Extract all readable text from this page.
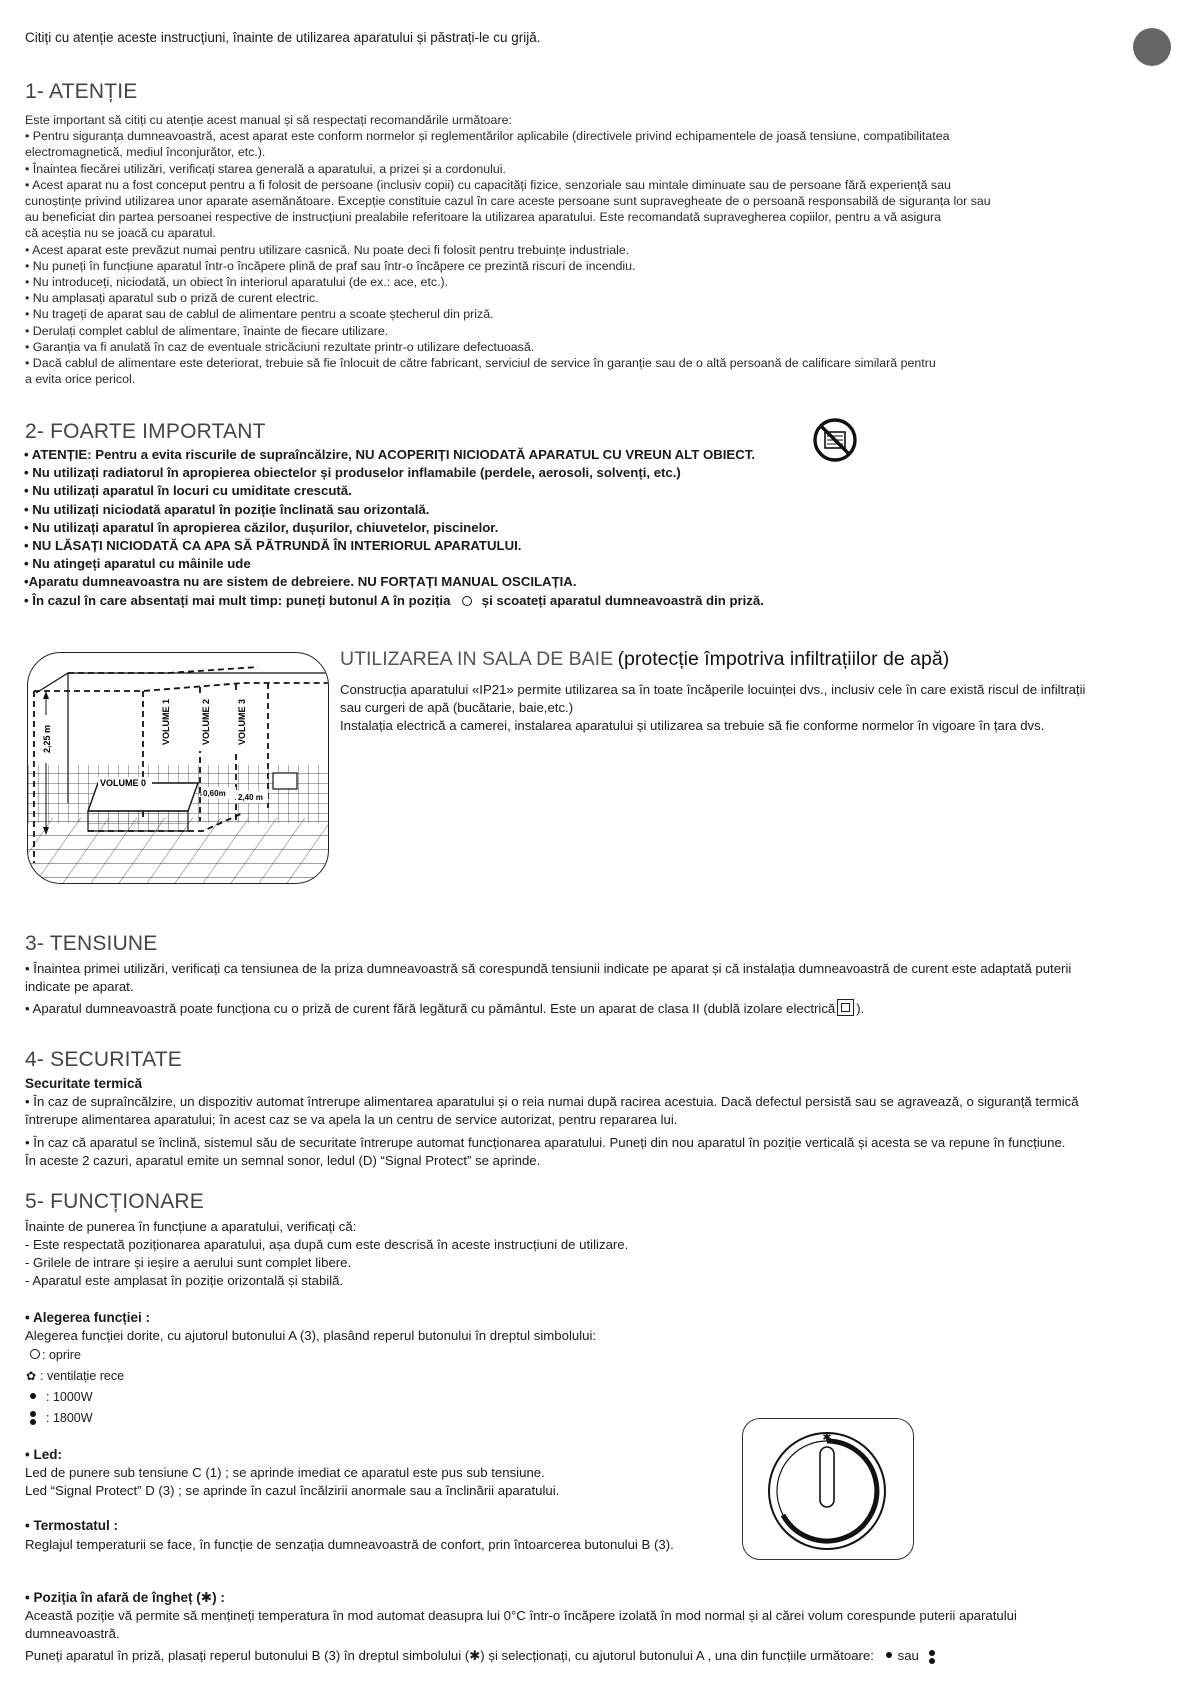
Citiți cu atenție aceste instrucțiuni, înainte de utilizarea aparatului și păstrați-le cu grijă.
1- ATENȚIE
Este important să citiți cu atenție acest manual și să respectați recomandările următoare:
• Pentru siguranța dumneavoastră, acest aparat este conform normelor și reglementărilor aplicabile (directivele privind echipamentele de joasă tensiune, compatibilitatea
electromagnetică, mediul înconjurător, etc.).
• Înaintea fiecărei utilizări, verificați starea generală a aparatului, a prizei și a cordonului.
• Acest aparat nu a fost conceput pentru a fi folosit de persoane (inclusiv copii) cu capacități fizice, senzoriale sau mintale diminuate sau de persoane fără experiență sau
cunoștințe privind utilizarea unor aparate asemănătoare. Excepție constituie cazul în care aceste persoane sunt supravegheate de o persoană responsabilă de siguranța lor sau
au beneficiat din partea persoanei respective de instrucțiuni prealabile referitoare la utilizarea aparatului. Este recomandată supravegherea copiilor, pentru a vă asigura
că aceștia nu se joacă cu aparatul.
• Acest aparat este prevăzut numai pentru utilizare casnică. Nu poate deci fi folosit pentru trebuințe industriale.
• Nu puneți în funcțiune aparatul într-o încăpere plină de praf sau într-o încăpere ce prezintă riscuri de incendiu.
• Nu introduceți, niciodată, un obiect în interiorul aparatului (de ex.: ace, etc.).
• Nu amplasați aparatul sub o priză de curent electric.
• Nu trageți de aparat sau de cablul de alimentare pentru a scoate ștecherul din priză.
• Derulați complet cablul de alimentare, înainte de fiecare utilizare.
• Garanția va fi anulată în caz de eventuale stricăciuni rezultate printr-o utilizare defectuoasă.
• Dacă cablul de alimentare este deteriorat, trebuie să fie înlocuit de către fabricant, serviciul de service în garanție sau de o altă persoană de calificare similară pentru
a evita orice pericol.
2- FOARTE IMPORTANT
• ATENȚIE: Pentru a evita riscurile de supraîncălzire, NU ACOPERIȚI NICIODATĂ APARATUL CU VREUN ALT OBIECT.
• Nu utilizați radiatorul în apropierea obiectelor și produselor inflamabile (perdele, aerosoli, solvenți, etc.)
• Nu utilizați aparatul în locuri cu umiditate crescută.
• Nu utilizați niciodată aparatul în poziție înclinată sau orizontală.
• Nu utilizați aparatul în apropierea căzilor, dușurilor, chiuvetelor, piscinelor.
• NU LĂSAȚI NICIODATĂ CA APA SĂ PĂTRUNDĂ ÎN INTERIORUL APARATULUI.
• Nu atingeți aparatul cu mâinile ude
•Aparatu dumneavoastra nu are sistem de debreiere. NU FORȚAȚI MANUAL OSCILAȚIA.
• În cazul în care absentați mai mult timp: puneți butonul A în poziția și scoateți aparatul dumneavoastră din priză.
2,25 m	VOLUME 1	VOLUME 2	VOLUME 3
VOLUME 0
0,60m 2,40 m
UTILIZAREA IN SALA DE BAIE (protecție împotriva infiltrațiilor de apă)
Construcția aparatului «IP21» permite utilizarea sa în toate încăperile locuinței dvs., inclusiv cele în care există riscul de infiltrații
sau curgeri de apă (bucătarie, baie,etc.)
Instalația electrică a camerei, instalarea aparatului și utilizarea sa trebuie să fie conforme normelor în vigoare în țara dvs.
3- TENSIUNE
• Înaintea primei utilizări, verificați ca tensiunea de la priza dumneavoastră să corespundă tensiunii indicate pe aparat și că instalația dumneavoastră de curent este adaptată puterii
indicate pe aparat.
• Aparatul dumneavoastră poate funcționa cu o priză de curent fără legătură cu pământul. Este un aparat de clasa II (dublă izolare electrică ).
4- SECURITATE
Securitate termică
• În caz de supraîncălzire, un dispozitiv automat întrerupe alimentarea aparatului și o reia numai după racirea acestuia. Dacă defectul persistă sau se agravează, o siguranță termică
întrerupe alimentarea aparatului; în acest caz se va apela la un centru de service autorizat, pentru repararea lui.
• În caz că aparatul se înclină, sistemul său de securitate întrerupe automat funcționarea aparatului. Puneți din nou aparatul în poziție verticală și acesta se va repune în funcțiune.
În aceste 2 cazuri, aparatul emite un semnal sonor, ledul (D) “Signal Protect” se aprinde.
5- FUNCȚIONARE
Înainte de punerea în funcțiune a aparatului, verificați că:
- Este respectată poziționarea aparatului, așa după cum este descrisă în aceste instrucțiuni de utilizare.
- Grilele de intrare și ieșire a aerului sunt complet libere.
- Aparatul este amplasat în poziție orizontală și stabilă.
• Alegerea funcției :
Alegerea funcției dorite, cu ajutorul butonului A (3), plasând reperul butonului în dreptul simbolului:
: oprire
✿ : ventilație rece
: 1000W
: 1800W
• Led:
Led de punere sub tensiune C (1) ; se aprinde imediat ce aparatul este pus sub tensiune.
Led “Signal Protect” D (3) ; se aprinde în cazul încălzirii anormale sau a înclinării aparatului.
• Termostatul :
Reglajul temperaturii se face, în funcție de senzația dumneavoastră de confort, prin întoarcerea butonului B (3).
✱
• Poziția în afară de îngheț (✱) :
Această poziție vă permite să mențineți temperatura în mod automat deasupra lui 0°C într-o încăpere izolată în mod normal și al cărei volum corespunde puterii aparatului
dumneavoastră.
Puneți aparatul în priză, plasați reperul butonului B (3) în dreptul simbolului (✱) și selecționați, cu ajutorul butonului A , una din funcțiile următoare: sau
